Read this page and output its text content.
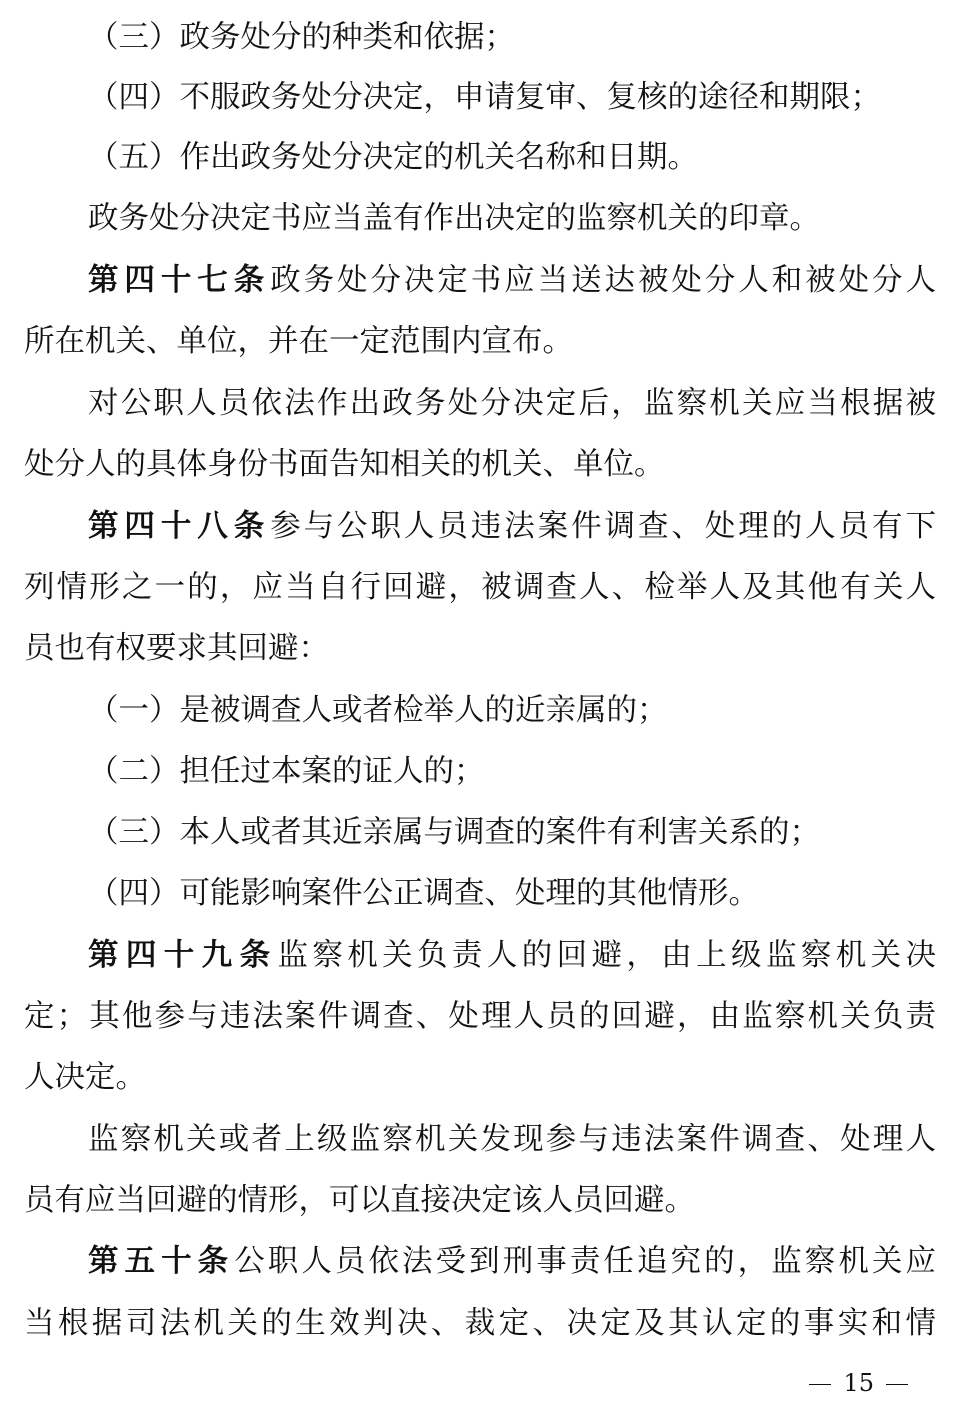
（三）政务处分的种类和依据；
（四）不服政务处分决定，申请复审、复核的途径和期限；
（五）作出政务处分决定的机关名称和日期。
政务处分决定书应当盖有作出决定的监察机关的印章。
第四十七条政务处分决定书应当送达被处分人和被处分人
所在机关、单位，并在一定范围内宣布。
对公职人员依法作出政务处分决定后，监察机关应当根据被
处分人的具体身份书面告知相关的机关、单位。
第四十八条参与公职人员违法案件调查、处理的人员有下
列情形之一的，应当自行回避，被调查人、检举人及其他有关人
员也有权要求其回避：
（一）是被调查人或者检举人的近亲属的；
（二）担任过本案的证人的；
（三）本人或者其近亲属与调查的案件有利害关系的；
（四）可能影响案件公正调查、处理的其他情形。
第四十九条监察机关负责人的回避，由上级监察机关决
定；其他参与违法案件调查、处理人员的回避，由监察机关负责
人决定。
监察机关或者上级监察机关发现参与违法案件调查、处理人
员有应当回避的情形，可以直接决定该人员回避。
第五十条公职人员依法受到刑事责任追究的，监察机关应
当根据司法机关的生效判决、裁定、决定及其认定的事实和情
15
